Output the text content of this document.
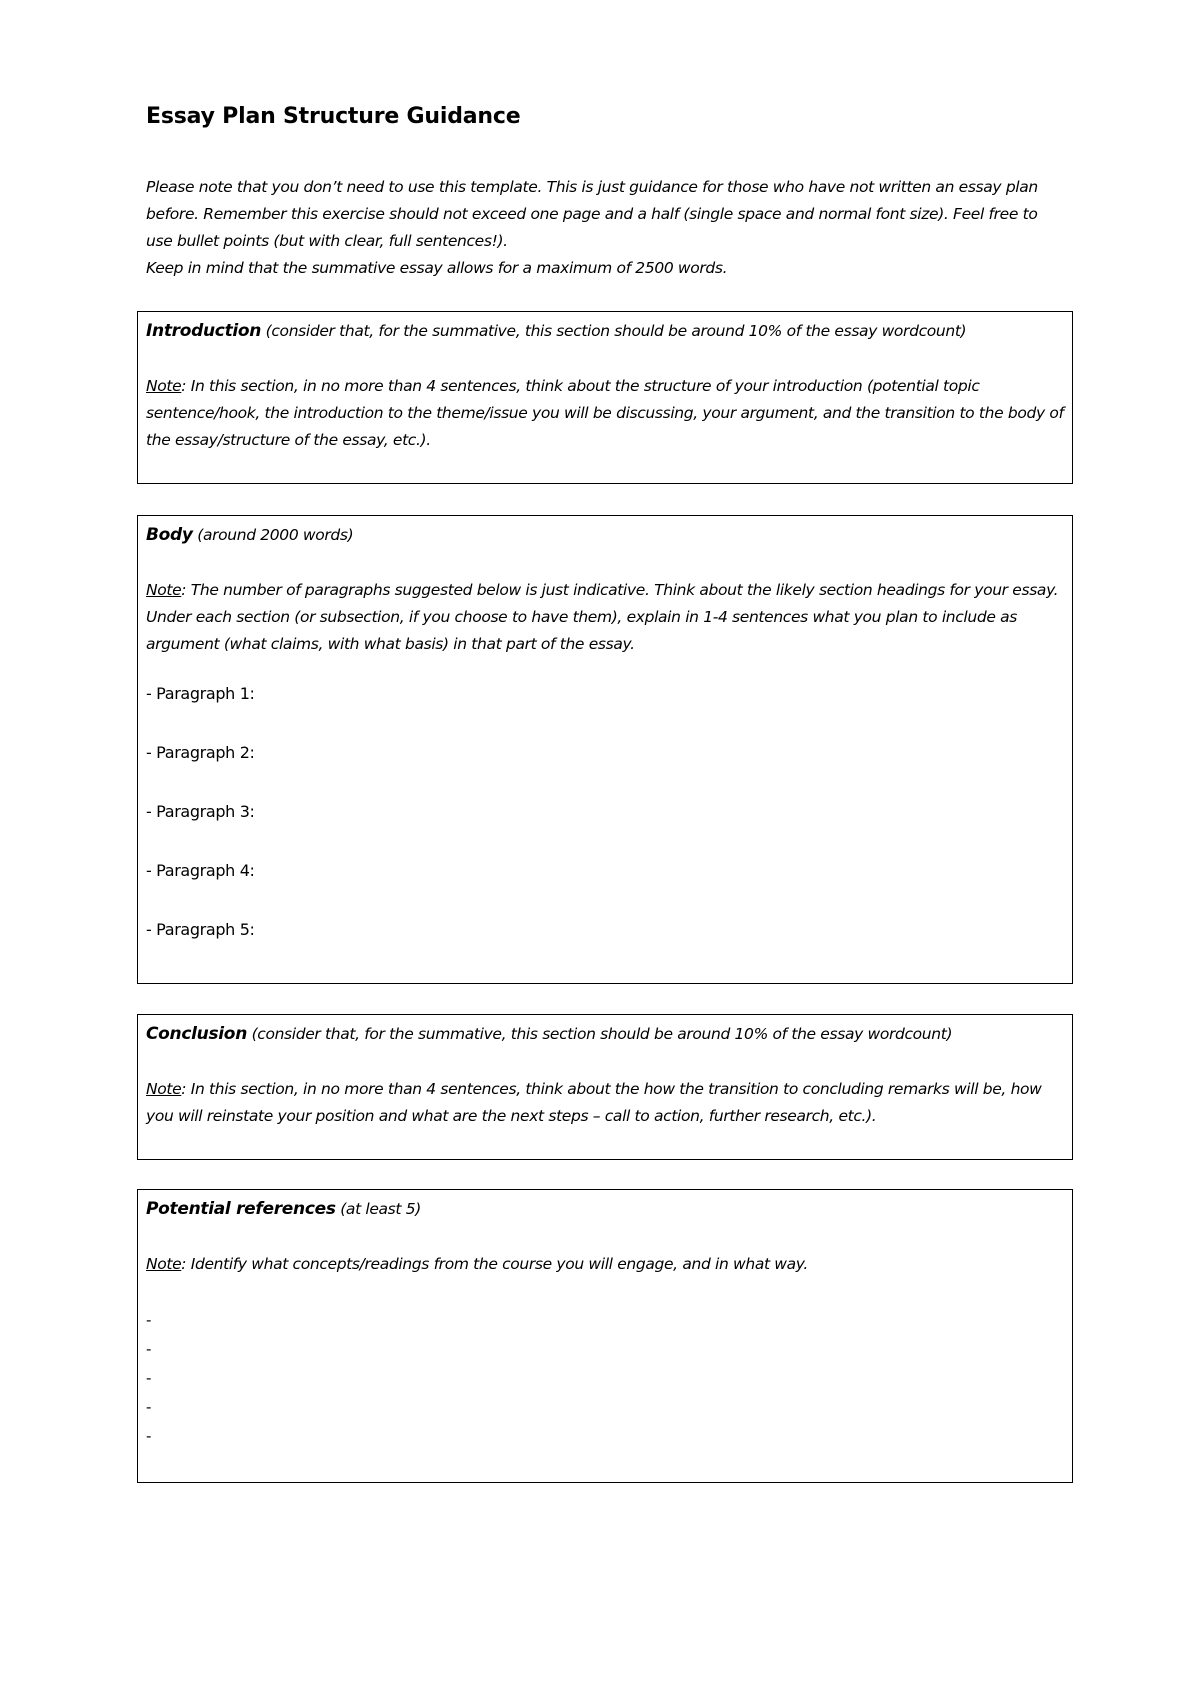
Essay Plan Structure Guidance

Please note that you don’t need to use this template. This is just guidance for those who have not written an essay plan before. Remember this exercise should not exceed one page and a half (single space and normal font size). Feel free to use bullet points (but with clear, full sentences!).

Keep in mind that the summative essay allows for a maximum of 2500 words.

Introduction (consider that, for the summative, this section should be around 10% of the essay wordcount)

Note: In this section, in no more than 4 sentences, think about the structure of your introduction (potential topic sentence/hook, the introduction to the theme/issue you will be discussing, your argument, and the transition to the body of the essay/structure of the essay, etc.).

Body (around 2000 words)

Note: The number of paragraphs suggested below is just indicative. Think about the likely section headings for your essay. Under each section (or subsection, if you choose to have them), explain in 1-4 sentences what you plan to include as argument (what claims, with what basis) in that part of the essay.

- Paragraph 1:
- Paragraph 2:
- Paragraph 3:
- Paragraph 4:
- Paragraph 5:

Conclusion (consider that, for the summative, this section should be around 10% of the essay wordcount)

Note: In this section, in no more than 4 sentences, think about the how the transition to concluding remarks will be, how you will reinstate your position and what are the next steps – call to action, further research, etc.).

Potential references (at least 5)

Note: Identify what concepts/readings from the course you will engage, and in what way.

-
-
-
-
-
